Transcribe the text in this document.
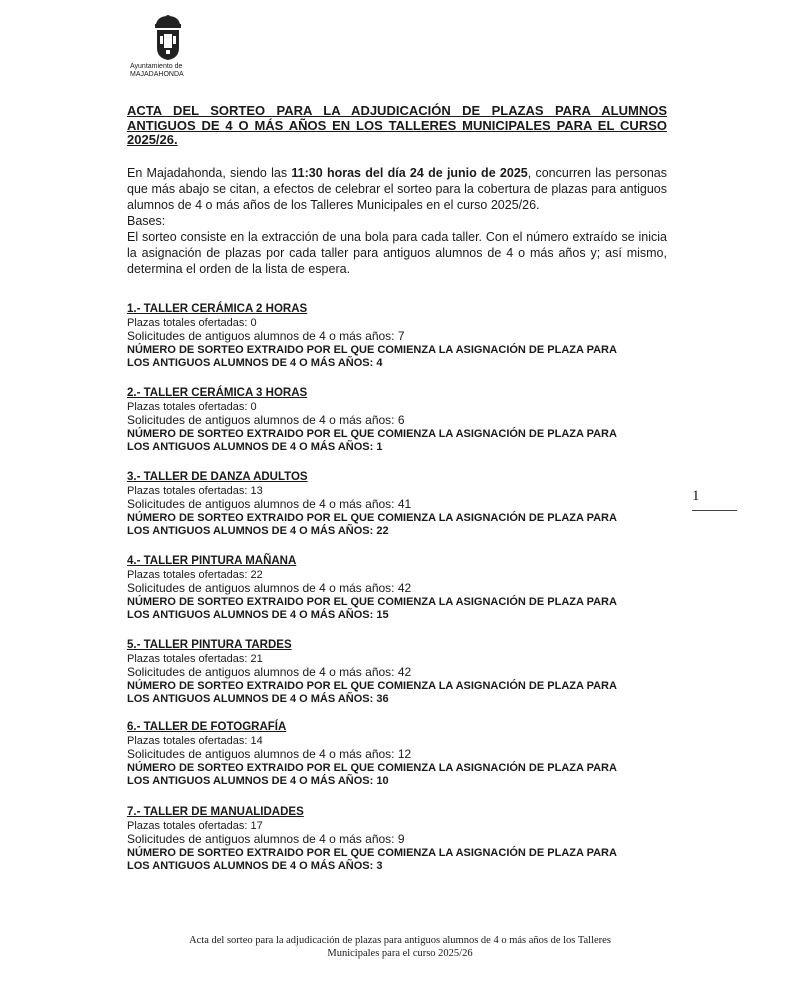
Ayuntamiento de
MAJADAHONDA
ACTA DEL SORTEO PARA LA ADJUDICACIÓN DE PLAZAS PARA ALUMNOS ANTIGUOS DE 4 O MÁS AÑOS EN LOS TALLERES MUNICIPALES PARA EL CURSO 2025/26.

En Majadahonda, siendo las 11:30 horas del día 24 de junio de 2025, concurren las personas que más abajo se citan, a efectos de celebrar el sorteo para la cobertura de plazas para antiguos alumnos de 4 o más años de los Talleres Municipales en el curso 2025/26.

Bases:

El sorteo consiste en la extracción de una bola para cada taller. Con el número extraído se inicia la asignación de plazas por cada taller para antiguos alumnos de 4 o más años y; así mismo, determina el orden de la lista de espera.

1.- TALLER CERÁMICA 2 HORAS
Plazas totales ofertadas: 0
Solicitudes de antiguos alumnos de 4 o más años: 7
NÚMERO DE SORTEO EXTRAIDO POR EL QUE COMIENZA LA ASIGNACIÓN DE PLAZA PARA
LOS ANTIGUOS ALUMNOS DE 4 O MÁS AÑOS: 4
2.- TALLER CERÁMICA 3 HORAS
Plazas totales ofertadas: 0
Solicitudes de antiguos alumnos de 4 o más años: 6
NÚMERO DE SORTEO EXTRAIDO POR EL QUE COMIENZA LA ASIGNACIÓN DE PLAZA PARA
LOS ANTIGUOS ALUMNOS DE 4 O MÁS AÑOS: 1
3.- TALLER DE DANZA ADULTOS
Plazas totales ofertadas: 13
Solicitudes de antiguos alumnos de 4 o más años: 41
NÚMERO DE SORTEO EXTRAIDO POR EL QUE COMIENZA LA ASIGNACIÓN DE PLAZA PARA
LOS ANTIGUOS ALUMNOS DE 4 O MÁS AÑOS: 22
4.- TALLER PINTURA MAÑANA
Plazas totales ofertadas: 22
Solicitudes de antiguos alumnos de 4 o más años: 42
NÚMERO DE SORTEO EXTRAIDO POR EL QUE COMIENZA LA ASIGNACIÓN DE PLAZA PARA
LOS ANTIGUOS ALUMNOS DE 4 O MÁS AÑOS: 15
5.- TALLER PINTURA TARDES
Plazas totales ofertadas: 21
Solicitudes de antiguos alumnos de 4 o más años: 42
NÚMERO DE SORTEO EXTRAIDO POR EL QUE COMIENZA LA ASIGNACIÓN DE PLAZA PARA
LOS ANTIGUOS ALUMNOS DE 4 O MÁS AÑOS: 36
6.- TALLER DE FOTOGRAFÍA
Plazas totales ofertadas: 14
Solicitudes de antiguos alumnos de 4 o más años: 12
NÚMERO DE SORTEO EXTRAIDO POR EL QUE COMIENZA LA ASIGNACIÓN DE PLAZA PARA
LOS ANTIGUOS ALUMNOS DE 4 O MÁS AÑOS: 10
7.- TALLER DE MANUALIDADES
Plazas totales ofertadas: 17
Solicitudes de antiguos alumnos de 4 o más años: 9
NÚMERO DE SORTEO EXTRAIDO POR EL QUE COMIENZA LA ASIGNACIÓN DE PLAZA PARA
LOS ANTIGUOS ALUMNOS DE 4 O MÁS AÑOS: 3
1
Acta del sorteo para la adjudicación de plazas para antiguos alumnos de 4 o más años de los Talleres
Municipales para el curso 2025/26
